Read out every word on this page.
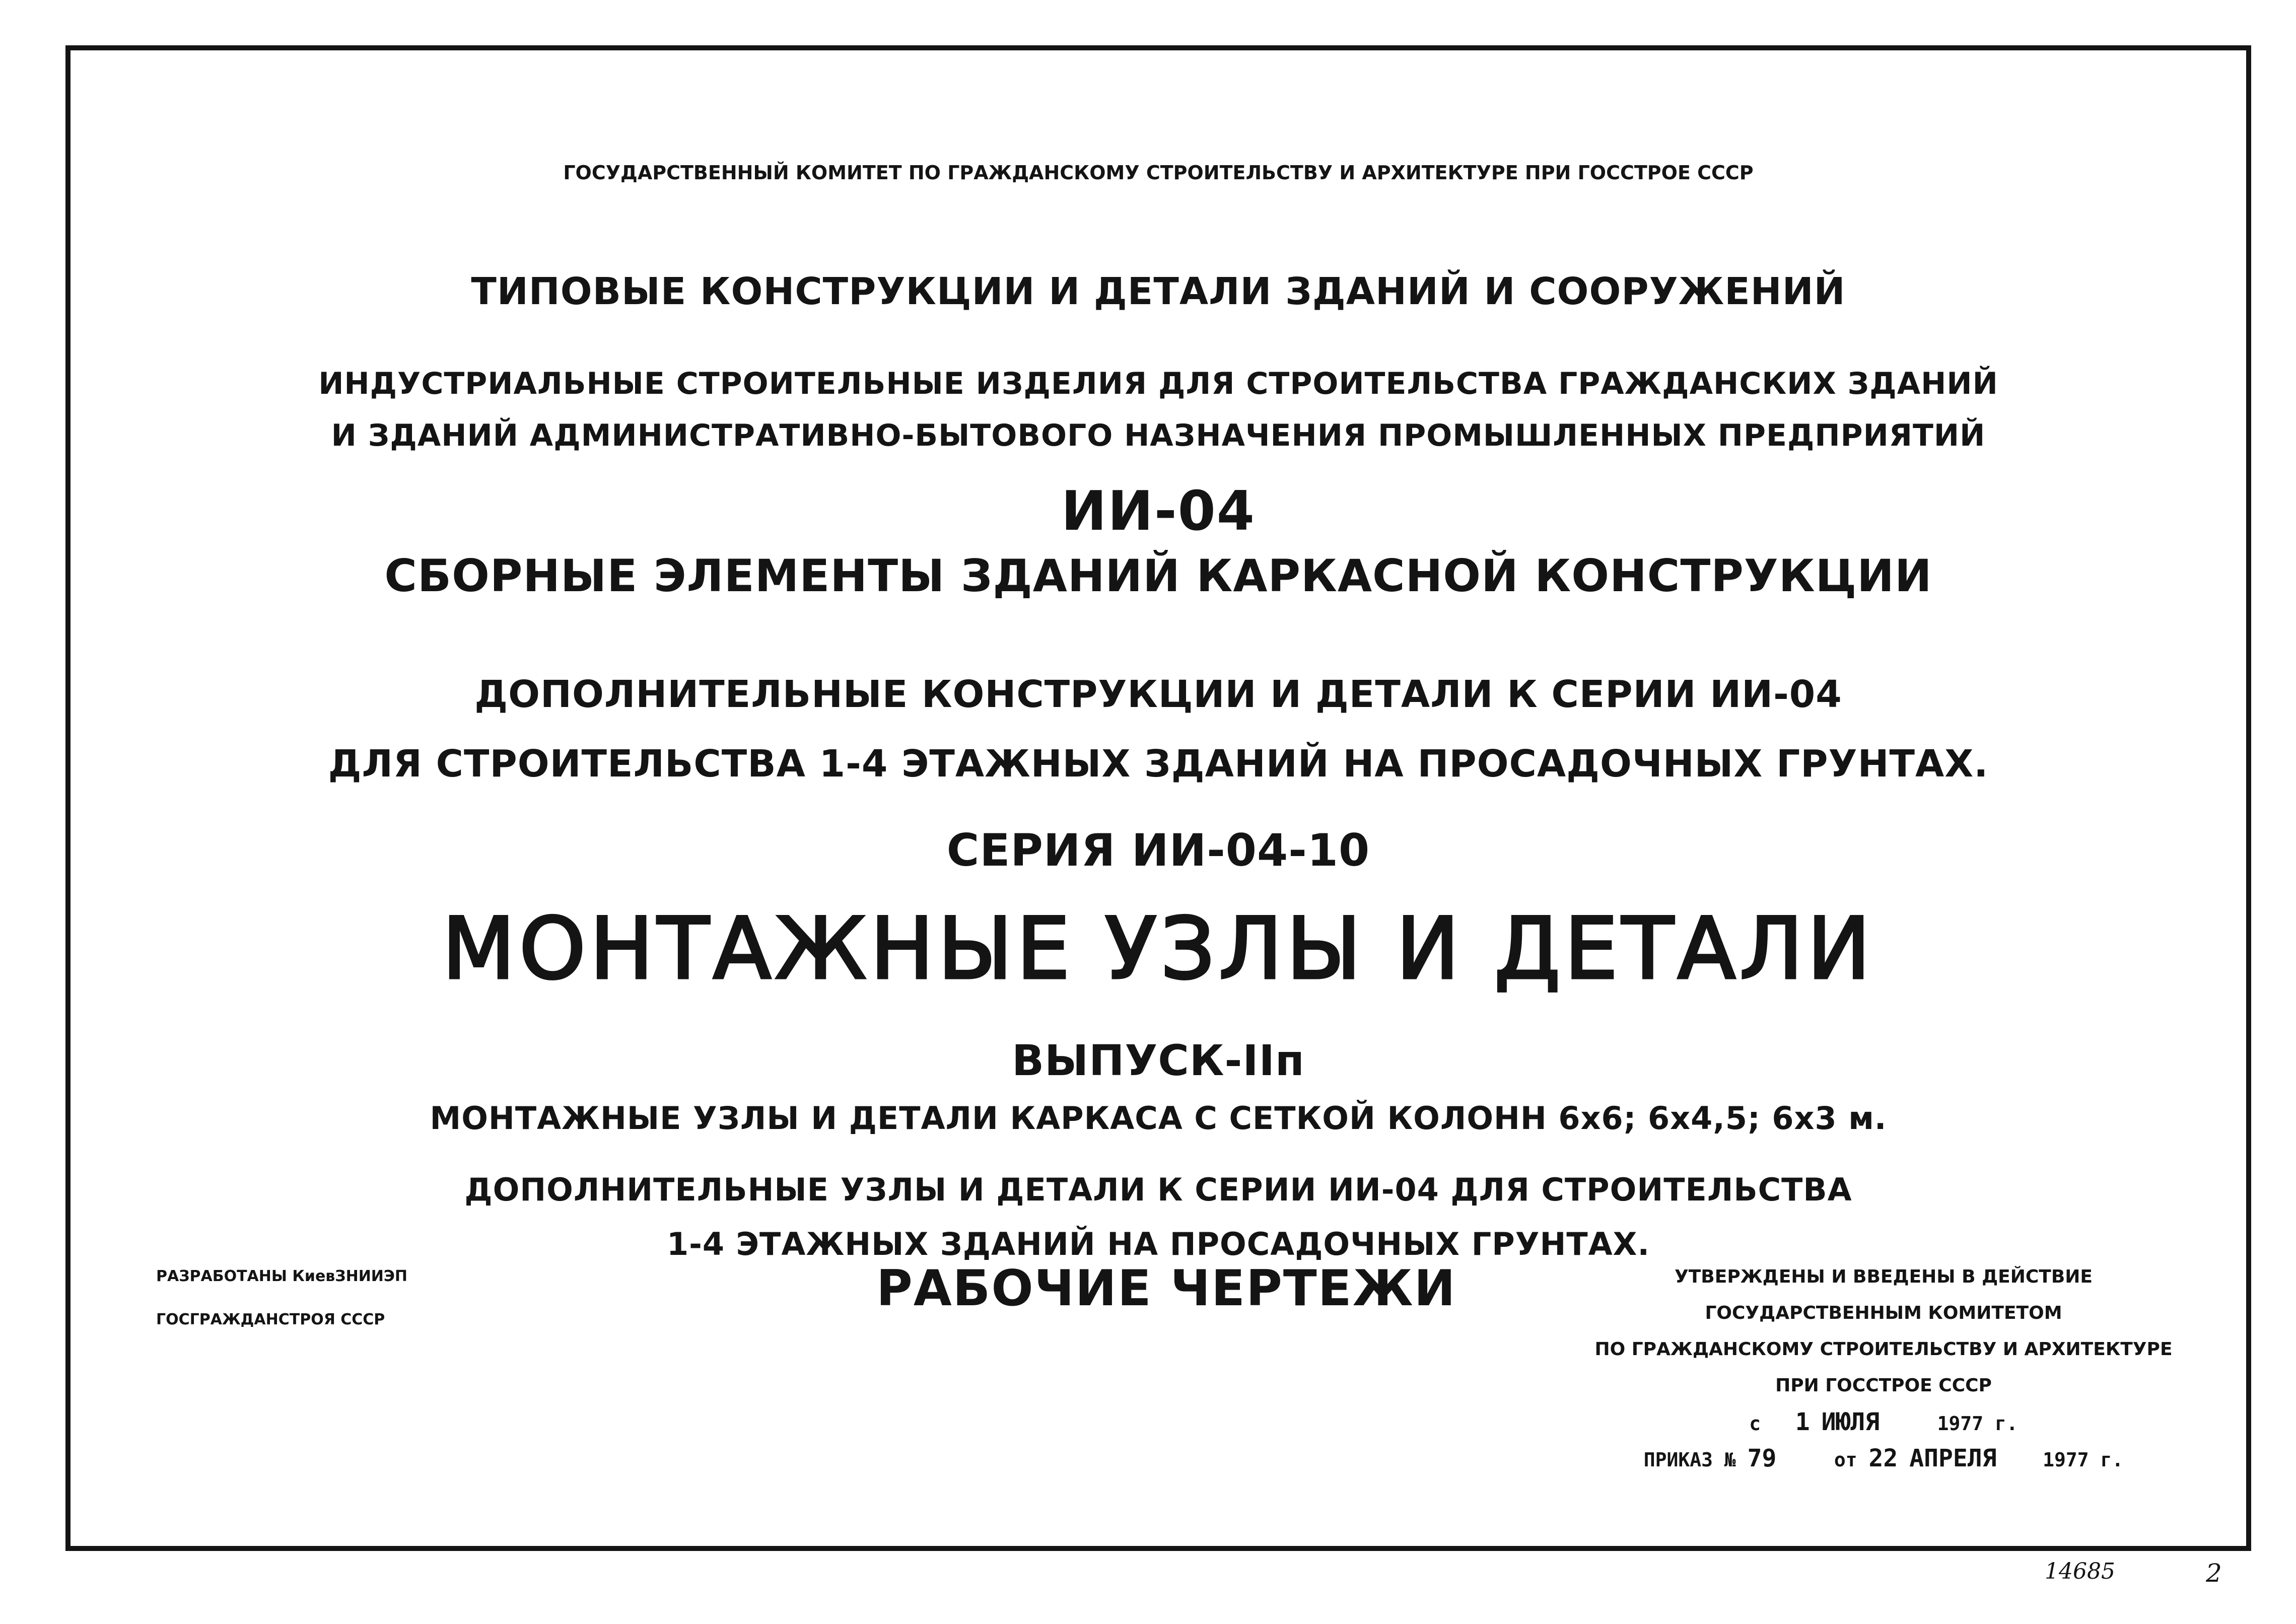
ГОСУДАРСТВЕННЫЙ КОМИТЕТ ПО ГРАЖДАНСКОМУ СТРОИТЕЛЬСТВУ И АРХИТЕКТУРЕ ПРИ ГОССТРОЕ СССР
ТИПОВЫЕ КОНСТРУКЦИИ И ДЕТАЛИ ЗДАНИЙ И СООРУЖЕНИЙ
ИНДУСТРИАЛЬНЫЕ СТРОИТЕЛЬНЫЕ ИЗДЕЛИЯ ДЛЯ СТРОИТЕЛЬСТВА ГРАЖДАНСКИХ ЗДАНИЙ
И ЗДАНИЙ АДМИНИСТРАТИВНО-БЫТОВОГО НАЗНАЧЕНИЯ ПРОМЫШЛЕННЫХ ПРЕДПРИЯТИЙ
ИИ-04
СБОРНЫЕ ЭЛЕМЕНТЫ ЗДАНИЙ КАРКАСНОЙ КОНСТРУКЦИИ
ДОПОЛНИТЕЛЬНЫЕ КОНСТРУКЦИИ И ДЕТАЛИ К СЕРИИ ИИ-04
ДЛЯ СТРОИТЕЛЬСТВА 1-4 ЭТАЖНЫХ ЗДАНИЙ НА ПРОСАДОЧНЫХ ГРУНТАХ.
СЕРИЯ ИИ-04-10
МОНТАЖНЫЕ УЗЛЫ И ДЕТАЛИ
ВЫПУСК-IIп
МОНТАЖНЫЕ УЗЛЫ И ДЕТАЛИ КАРКАСА С СЕТКОЙ КОЛОНН 6х6; 6х4,5; 6х3 м.
ДОПОЛНИТЕЛЬНЫЕ УЗЛЫ И ДЕТАЛИ К СЕРИИ ИИ-04 ДЛЯ СТРОИТЕЛЬСТВА
1-4 ЭТАЖНЫХ ЗДАНИЙ НА ПРОСАДОЧНЫХ ГРУНТАХ.
РАЗРАБОТАНЫ КиевЗНИИЭП
ГОСГРАЖДАНСТРОЯ СССР
РАБОЧИЕ ЧЕРТЕЖИ	УТВЕРЖДЕНЫ И ВВЕДЕНЫ В ДЕЙСТВИЕ
ГОСУДАРСТВЕННЫМ КОМИТЕТОМ
ПО ГРАЖДАНСКОМУ СТРОИТЕЛЬСТВУ И АРХИТЕКТУРЕ
ПРИ ГОССТРОЕ СССР
с 1 ИЮЛЯ	1977 г.
ПРИКАЗ № 79	от 22 АПРЕЛЯ 1977 г.
14685	2
